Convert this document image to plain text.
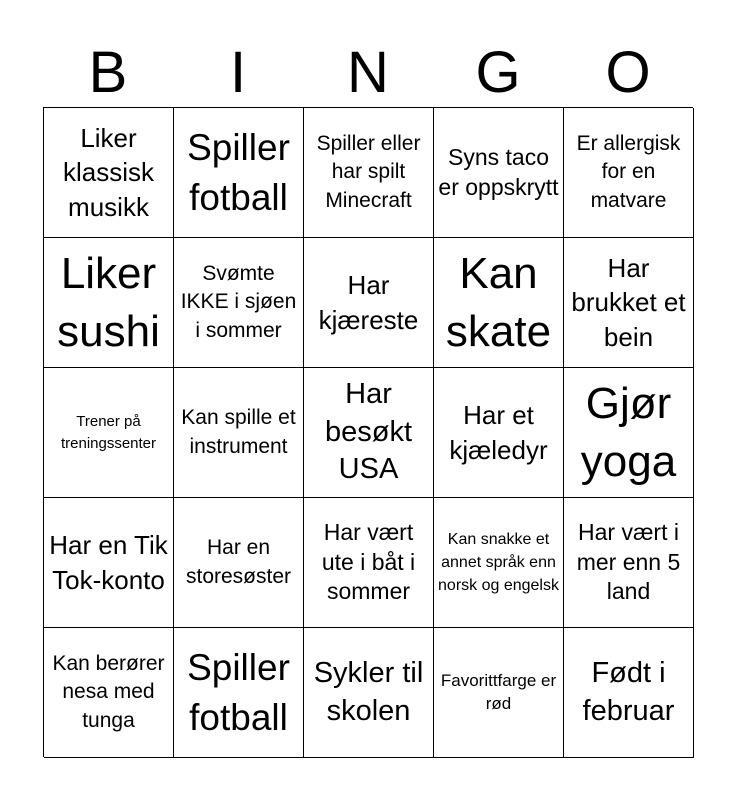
B	I	N	G	O
Liker klassisk musikk
Spiller fotball
Spiller eller har spilt Minecraft
Syns taco er oppskrytt
Er allergisk for en matvare
Liker sushi
Svømte IKKE i sjøen i sommer
Har kjæreste
Kan skate
Har brukket et bein
Trener på treningssenter
Kan spille et instrument
Har besøkt USA
Har et kjæledyr
Gjør yoga
Har en Tik Tok-konto
Har en storesøster
Har vært ute i båt i sommer
Kan snakke et annet språk enn norsk og engelsk
Har vært i mer enn 5 land
Kan berører nesa med tunga
Spiller fotball
Sykler til skolen
Favorittfarge er rød
Født i februar
